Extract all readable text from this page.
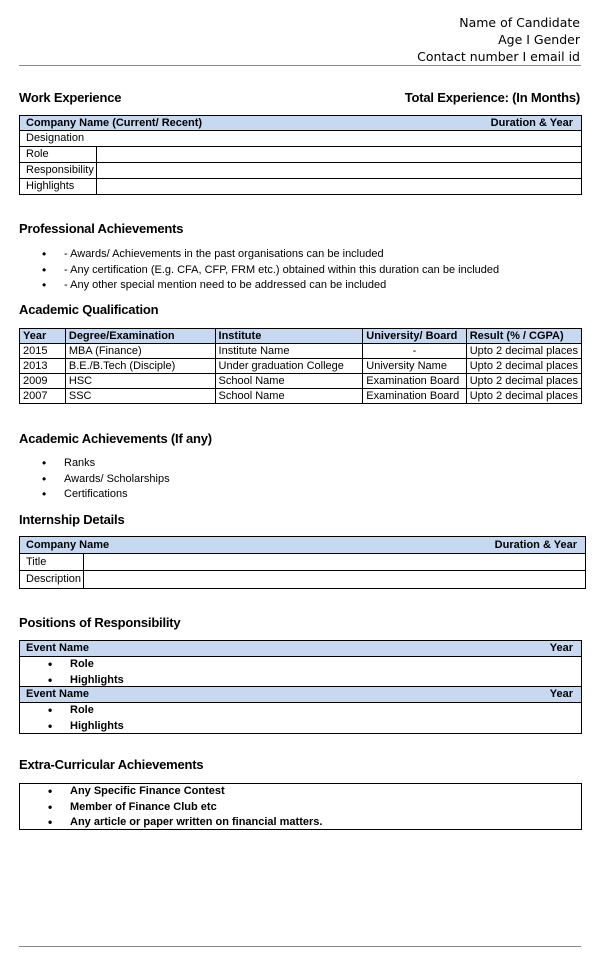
Name of Candidate
Age I Gender
Contact number I email id
Work Experience	Total Experience: (In Months)
Company Name (Current/ Recent)	Duration & Year
Designation
Role
Responsibility
Highlights
Professional Achievements
• - Awards/ Achievements in the past organisations can be included
• - Any certification (E.g. CFA, CFP, FRM etc.) obtained within this duration can be included
• - Any other special mention need to be addressed can be included
Academic Qualification
Year	Degree/Examination	Institute	University/ Board	Result (% / CGPA)
2015	MBA (Finance)	Institute Name	-	Upto 2 decimal places
2013	B.E./B.Tech (Disciple)	Under graduation College	University Name	Upto 2 decimal places
2009	HSC	School Name	Examination Board	Upto 2 decimal places
2007	SSC	School Name	Examination Board	Upto 2 decimal places
Academic Achievements (If any)
• Ranks
• Awards/ Scholarships
• Certifications
Internship Details
Company Name	Duration & Year
Title
Description
Positions of Responsibility
Event Name	Year
• Role
• Highlights
Event Name	Year
• Role
• Highlights
Extra-Curricular Achievements
• Any Specific Finance Contest
• Member of Finance Club etc
• Any article or paper written on financial matters.
